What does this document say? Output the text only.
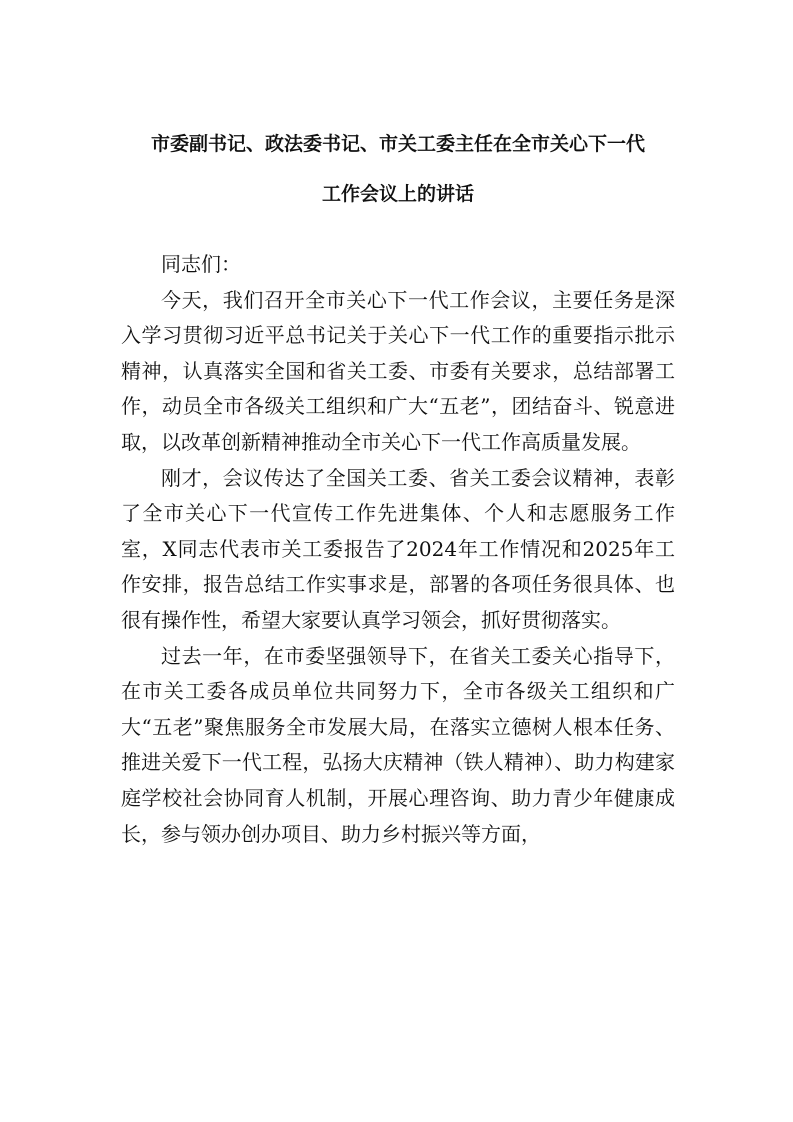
市委副书记、政法委书记、市关工委主任在全市关心下一代
工作会议上的讲话

同志们：

今天，我们召开全市关心下一代工作会议，主要任务是深入学习贯彻习近平总书记关于关心下一代工作的重要指示批示精神，认真落实全国和省关工委、市委有关要求，总结部署工作，动员全市各级关工组织和广大“五老”，团结奋斗、锐意进取，以改革创新精神推动全市关心下一代工作高质量发展。

刚才，会议传达了全国关工委、省关工委会议精神，表彰了全市关心下一代宣传工作先进集体、个人和志愿服务工作室，X同志代表市关工委报告了2024年工作情况和2025年工作安排，报告总结工作实事求是，部署的各项任务很具体、也很有操作性，希望大家要认真学习领会，抓好贯彻落实。

过去一年，在市委坚强领导下，在省关工委关心指导下，在市关工委各成员单位共同努力下，全市各级关工组织和广大“五老”聚焦服务全市发展大局，在落实立德树人根本任务、推进关爱下一代工程，弘扬大庆精神（铁人精神）、助力构建家庭学校社会协同育人机制，开展心理咨询、助力青少年健康成长，参与领办创办项目、助力乡村振兴等方面，
